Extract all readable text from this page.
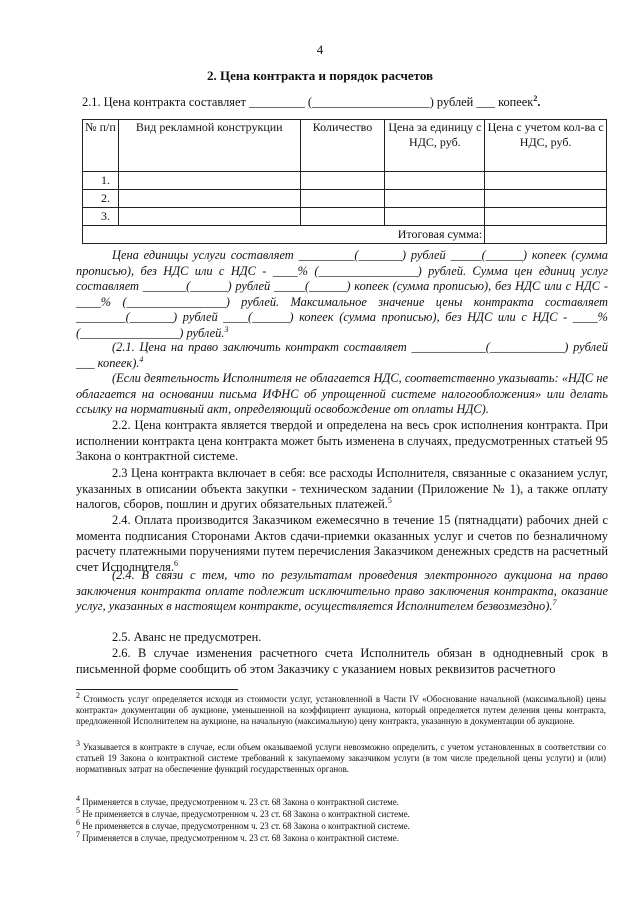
4
2. Цена контракта и порядок расчетов
2.1. Цена контракта составляет _________ (___________________) рублей ___ копеек$^2$.
№ п/п	Вид рекламной конструкции	Количество	Цена за единицу с НДС, руб.	Цена с учетом кол-ва с НДС, руб.
1.				
2.				
3.				
			Итоговая сумма:	
Цена единицы услуги составляет _________(_______) рублей _____(______) копеек (сумма прописью), без НДС или с НДС - ____% (________________) рублей. Сумма цен единиц услуг составляет _______(______) рублей _____(______) копеек (сумма прописью), без НДС или с НДС - ____% (________________) рублей. Максимальное значение цены контракта составляет ________(_______) рублей ____(______) копеек (сумма прописью), без НДС или с НДС - ____% (________________) рублей.$^3$
(2.1. Цена на право заключить контракт составляет ____________(____________) рублей ___ копеек).$^4$
(Если деятельность Исполнителя не облагается НДС, соответственно указывать: «НДС не облагается на основании письма ИФНС об упрощенной системе налогообложения» или делать ссылку на нормативный акт, определяющий освобождение от оплаты НДС).
2.2. Цена контракта является твердой и определена на весь срок исполнения контракта. При исполнении контракта цена контракта может быть изменена в случаях, предусмотренных статьей 95 Закона о контрактной системе.
2.3 Цена контракта включает в себя: все расходы Исполнителя, связанные с оказанием услуг, указанных в описании объекта закупки - техническом задании (Приложение № 1), а также оплату налогов, сборов, пошлин и других обязательных платежей.$^5$
2.4. Оплата производится Заказчиком ежемесячно в течение 15 (пятнадцати) рабочих дней с момента подписания Сторонами Актов сдачи-приемки оказанных услуг и счетов по безналичному расчету платежными поручениями путем перечисления Заказчиком денежных средств на расчетный счет Исполнителя.$^6$
(2.4. В связи с тем, что по результатам проведения электронного аукциона на право заключения контракта оплате подлежит исключительно право заключения контракта, оказание услуг, указанных в настоящем контракте, осуществляется Исполнителем безвозмездно).$^7$
2.5. Аванс не предусмотрен.
2.6. В случае изменения расчетного счета Исполнитель обязан в однодневный срок в письменной форме сообщить об этом Заказчику с указанием новых реквизитов расчетного
$^2$ Стоимость услуг определяется исходя из стоимости услуг, установленной в Части IV «Обоснование начальной (максимальной) цены контракта» документации об аукционе, уменьшенной на коэффициент аукциона, который определяется путем деления цены контракта, предложенной Исполнителем на аукционе, на начальную (максимальную) цену контракта, указанную в документации об аукционе.
$^3$ Указывается в контракте в случае, если объем оказываемой услуги невозможно определить, с учетом установленных в соответствии со статьей 19 Закона о контрактной системе требований к закупаемому заказчиком услуги (в том числе предельной цены услуги) и (или) нормативных затрат на обеспечение функций государственных органов.
$^4$ Применяется в случае, предусмотренном ч. 23 ст. 68 Закона о контрактной системе.
$^5$ Не применяется в случае, предусмотренном ч. 23 ст. 68 Закона о контрактной системе.
$^6$ Не применяется в случае, предусмотренном ч. 23 ст. 68 Закона о контрактной системе.
$^7$ Применяется в случае, предусмотренном ч. 23 ст. 68 Закона о контрактной системе.
